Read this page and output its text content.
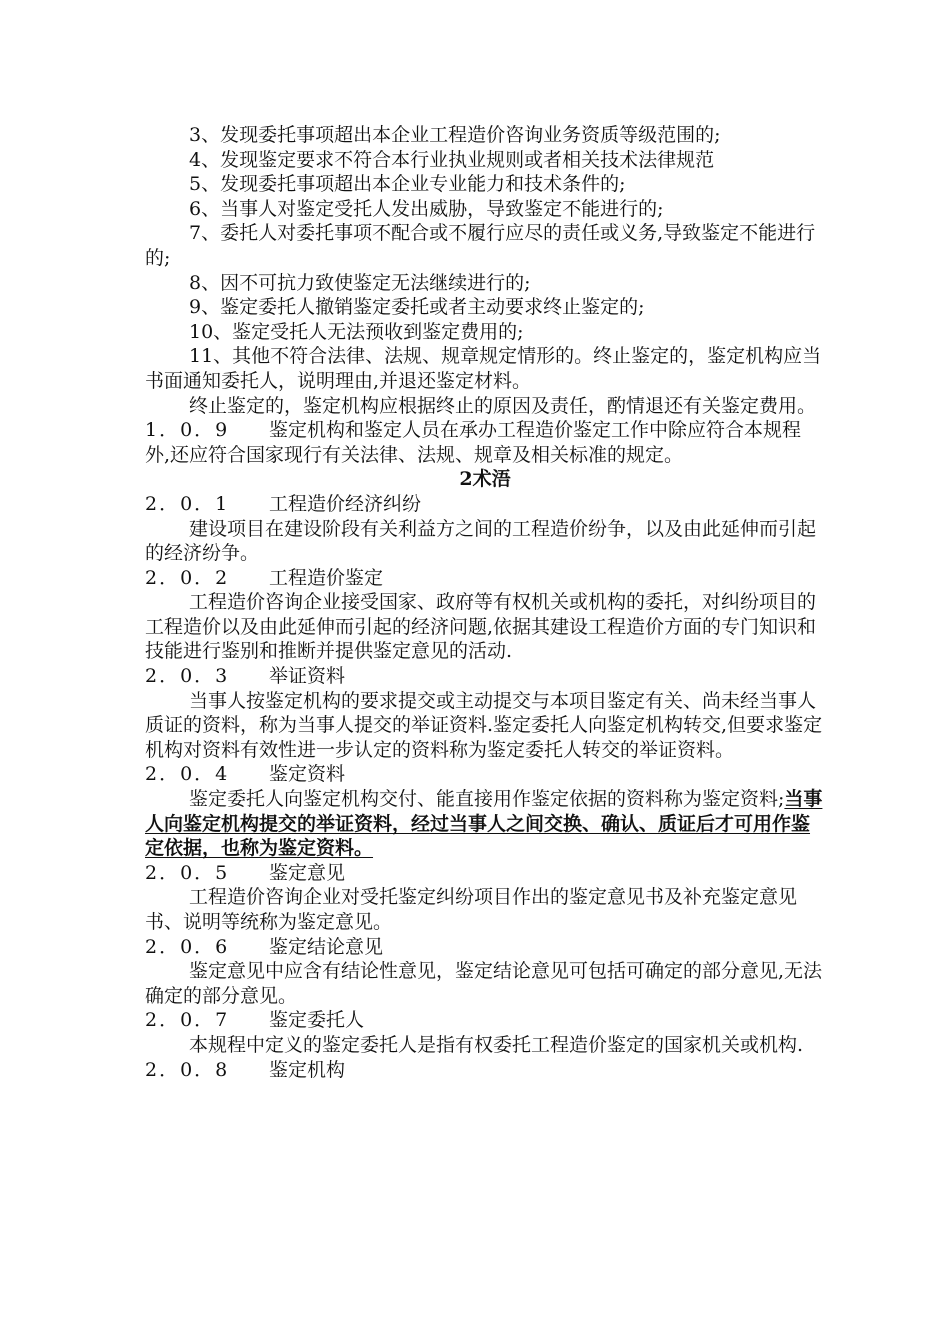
3、发现委托事项超出本企业工程造价咨询业务资质等级范围的;

4、发现鉴定要求不符合本行业执业规则或者相关技术法律规范

5、发现委托事项超出本企业专业能力和技术条件的;

6、当事人对鉴定受托人发出威胁，导致鉴定不能进行的;

7、委托人对委托事项不配合或不履行应尽的责任或义务,导致鉴定不能进行的;

8、因不可抗力致使鉴定无法继续进行的;

9、鉴定委托人撤销鉴定委托或者主动要求终止鉴定的;

10、鉴定受托人无法预收到鉴定费用的;

11、其他不符合法律、法规、规章规定情形的。终止鉴定的，鉴定机构应当书面通知委托人，说明理由,并退还鉴定材料。

终止鉴定的，鉴定机构应根据终止的原因及责任，酌情退还有关鉴定费用。

1．0．9 鉴定机构和鉴定人员在承办工程造价鉴定工作中除应符合本规程外,还应符合国家现行有关法律、法规、规章及相关标准的规定。

2术浯

2．0．1	工程造价经济纠纷

建设项目在建设阶段有关利益方之间的工程造价纷争，以及由此延伸而引起的经济纷争。

2．0．2	工程造价鉴定

工程造价咨询企业接受国家、政府等有权机关或机构的委托，对纠纷项目的工程造价以及由此延伸而引起的经济问题,依据其建设工程造价方面的专门知识和技能进行鉴别和推断并提供鉴定意见的活动.

2．0．3	举证资料

当事人按鉴定机构的要求提交或主动提交与本项目鉴定有关、尚未经当事人质证的资料，称为当事人提交的举证资料.鉴定委托人向鉴定机构转交,但要求鉴定机构对资料有效性进一步认定的资料称为鉴定委托人转交的举证资料。

2．0．4	鉴定资料

鉴定委托人向鉴定机构交付、能直接用作鉴定依据的资料称为鉴定资料;当事人向鉴定机构提交的举证资料，经过当事人之间交换、确认、质证后才可用作鉴定依据，也称为鉴定资料。

2．0．5	鉴定意见

工程造价咨询企业对受托鉴定纠纷项目作出的鉴定意见书及补充鉴定意见书、说明等统称为鉴定意见。

2．0．6	鉴定结论意见

鉴定意见中应含有结论性意见，鉴定结论意见可包括可确定的部分意见,无法确定的部分意见。

2．0．7	鉴定委托人

本规程中定义的鉴定委托人是指有权委托工程造价鉴定的国家机关或机构.

2．0．8	鉴定机构
